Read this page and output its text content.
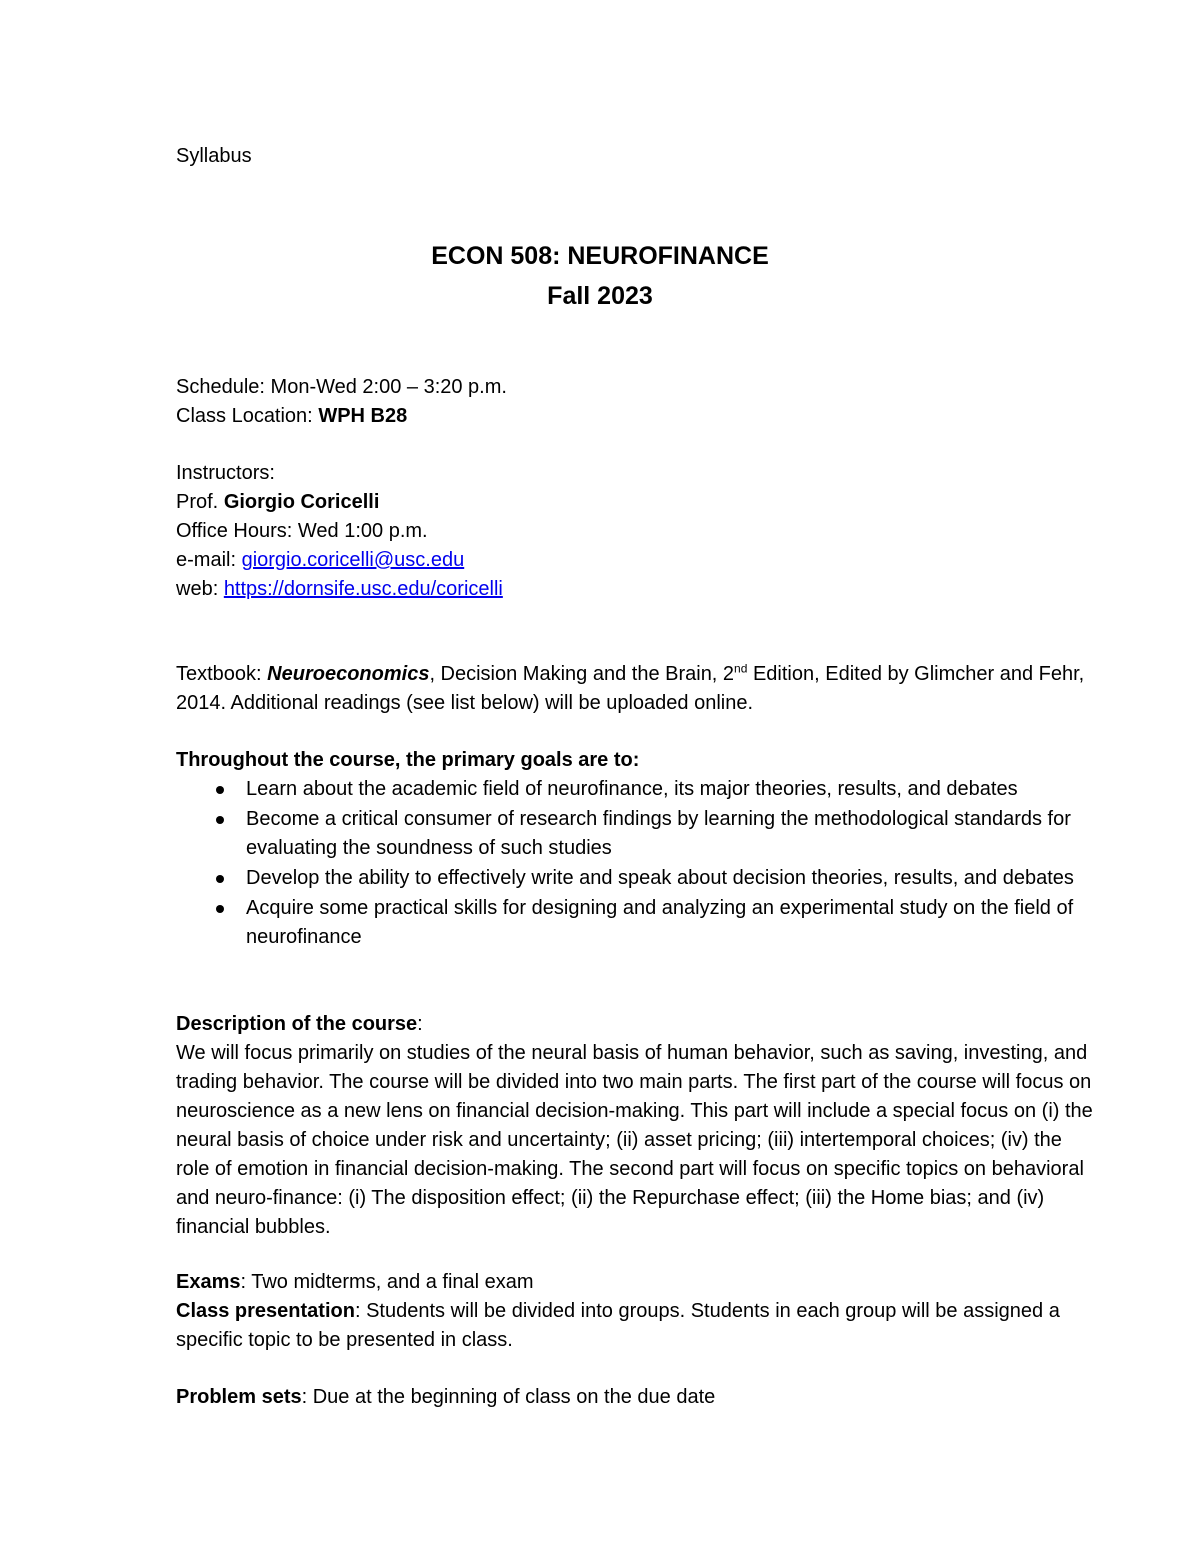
Syllabus
ECON 508: NEUROFINANCE
Fall 2023
Schedule: Mon-Wed 2:00 – 3:20 p.m.
Class Location: WPH B28
Instructors:
Prof. Giorgio Coricelli
Office Hours: Wed 1:00 p.m.
e-mail: giorgio.coricelli@usc.edu
web: https://dornsife.usc.edu/coricelli
Textbook: Neuroeconomics, Decision Making and the Brain, 2nd Edition, Edited by Glimcher and Fehr, 2014. Additional readings (see list below) will be uploaded online.
Throughout the course, the primary goals are to:
Learn about the academic field of neurofinance, its major theories, results, and debates
Become a critical consumer of research findings by learning the methodological standards for evaluating the soundness of such studies
Develop the ability to effectively write and speak about decision theories, results, and debates
Acquire some practical skills for designing and analyzing an experimental study on the field of neurofinance
Description of the course:
We will focus primarily on studies of the neural basis of human behavior, such as saving, investing, and trading behavior. The course will be divided into two main parts. The first part of the course will focus on neuroscience as a new lens on financial decision-making. This part will include a special focus on (i) the neural basis of choice under risk and uncertainty; (ii) asset pricing; (iii) intertemporal choices; (iv) the role of emotion in financial decision-making. The second part will focus on specific topics on behavioral and neuro-finance: (i) The disposition effect; (ii) the Repurchase effect; (iii) the Home bias; and (iv) financial bubbles.
Exams: Two midterms, and a final exam
Class presentation: Students will be divided into groups. Students in each group will be assigned a specific topic to be presented in class.
Problem sets: Due at the beginning of class on the due date
